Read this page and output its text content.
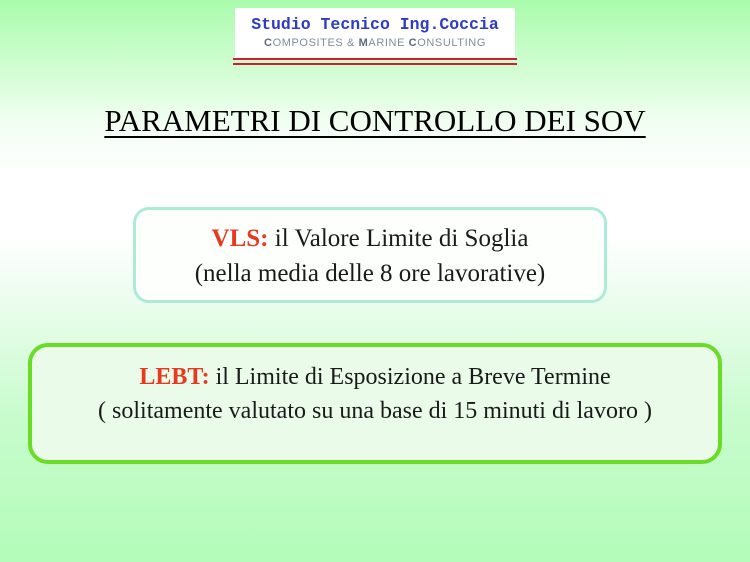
Studio Tecnico Ing.Coccia
COMPOSITES & MARINE CONSULTING
PARAMETRI DI CONTROLLO DEI SOV
VLS: il Valore Limite di Soglia
(nella media delle 8 ore lavorative)
LEBT: il Limite di Esposizione a Breve Termine
( solitamente valutato su una base di 15 minuti di lavoro )
